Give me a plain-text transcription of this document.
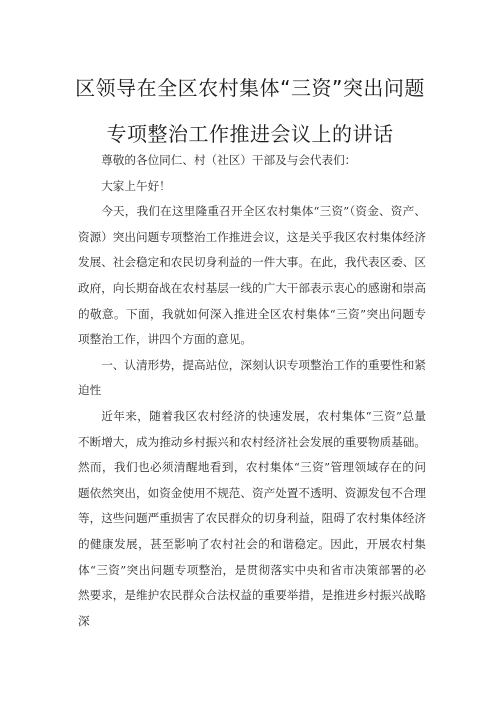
区领导在全区农村集体“三资”突出问题
专项整治工作推进会议上的讲话

尊敬的各位同仁、村（社区）干部及与会代表们：

大家上午好！

今天，我们在这里隆重召开全区农村集体“三资”（资金、资产、资源）突出问题专项整治工作推进会议，这是关乎我区农村集体经济发展、社会稳定和农民切身利益的一件大事。在此，我代表区委、区政府，向长期奋战在农村基层一线的广大干部表示衷心的感谢和崇高的敬意。下面，我就如何深入推进全区农村集体“三资”突出问题专项整治工作，讲四个方面的意见。

一、认清形势，提高站位，深刻认识专项整治工作的重要性和紧迫性

近年来，随着我区农村经济的快速发展，农村集体“三资”总量不断增大，成为推动乡村振兴和农村经济社会发展的重要物质基础。然而，我们也必须清醒地看到，农村集体“三资”管理领域存在的问题依然突出，如资金使用不规范、资产处置不透明、资源发包不合理等，这些问题严重损害了农民群众的切身利益，阻碍了农村集体经济的健康发展，甚至影响了农村社会的和谐稳定。因此，开展农村集体“三资”突出问题专项整治，是贯彻落实中央和省市决策部署的必然要求，是维护农民群众合法权益的重要举措，是推进乡村振兴战略深
